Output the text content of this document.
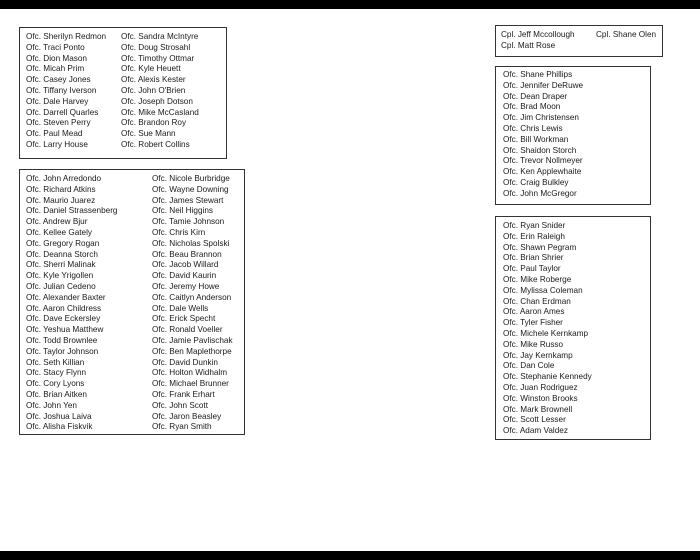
Ofc. Sherilyn Redmon
Ofc. Traci Ponto
Ofc. Dion Mason
Ofc. Micah Prim
Ofc. Casey Jones
Ofc. Tiffany Iverson
Ofc. Dale Harvey
Ofc. Darrell Quarles
Ofc. Steven Perry
Ofc. Paul Mead
Ofc. Larry House
Ofc. Sandra McIntyre
Ofc. Doug Strosahl
Ofc. Timothy Ottmar
Ofc. Kyle Heuett
Ofc. Alexis Kester
Ofc. John O'Brien
Ofc. Joseph Dotson
Ofc. Mike McCasland
Ofc. Brandon Roy
Ofc. Sue Mann
Ofc. Robert Collins
Ofc. John Arredondo
Ofc. Richard Atkins
Ofc. Maurio Juarez
Ofc. Daniel Strassenberg
Ofc. Andrew Bjur
Ofc. Kellee Gately
Ofc. Gregory Rogan
Ofc. Deanna Storch
Ofc. Sherri Malinak
Ofc. Kyle Yrigollen
Ofc. Julian Cedeno
Ofc. Alexander Baxter
Ofc. Aaron Childress
Ofc. Dave Eckersley
Ofc. Yeshua Matthew
Ofc. Todd Brownlee
Ofc. Taylor Johnson
Ofc. Seth Killian
Ofc. Stacy Flynn
Ofc. Cory Lyons
Ofc. Brian Aitken
Ofc. John Yen
Ofc. Joshua Laiva
Ofc. Alisha Fiskvik
Ofc. Nicole Burbridge
Ofc. Wayne Downing
Ofc. James Stewart
Ofc. Neil Higgins
Ofc. Tamie Johnson
Ofc. Chris Kirn
Ofc. Nicholas Spolski
Ofc. Beau Brannon
Ofc. Jacob Willard
Ofc. David Kaurin
Ofc. Jeremy Howe
Ofc. Caitlyn Anderson
Ofc. Dale Wells
Ofc. Erick Specht
Ofc. Ronald Voeller
Ofc. Jamie Pavlischak
Ofc. Ben Maplethorpe
Ofc. David Dunkin
Ofc. Holton Widhalm
Ofc. Michael Brunner
Ofc. Frank Erhart
Ofc. John Scott
Ofc. Jaron Beasley
Ofc. Ryan Smith
Cpl. Jeff Mccollough
Cpl. Matt Rose
Cpl. Shane Olen
Ofc. Shane Phillips
Ofc. Jennifer DeRuwe
Ofc. Dean Draper
Ofc. Brad Moon
Ofc. Jim Christensen
Ofc. Chris Lewis
Ofc. Bill Workman
Ofc. Shaidon Storch
Ofc. Trevor Nollmeyer
Ofc. Ken Applewhaite
Ofc. Craig Bulkley
Ofc. John McGregor
Ofc. Ryan Snider
Ofc. Erin Raleigh
Ofc. Shawn Pegram
Ofc. Brian Shrier
Ofc. Paul Taylor
Ofc. Mike Roberge
Ofc. Mylissa Coleman
Ofc. Chan Erdman
Ofc. Aaron Ames
Ofc. Tyler Fisher
Ofc. Michele Kernkamp
Ofc. Mike Russo
Ofc. Jay Kernkamp
Ofc. Dan Cole
Ofc. Stephanie Kennedy
Ofc. Juan Rodriguez
Ofc. Winston Brooks
Ofc. Mark Brownell
Ofc. Scott Lesser
Ofc. Adam Valdez
